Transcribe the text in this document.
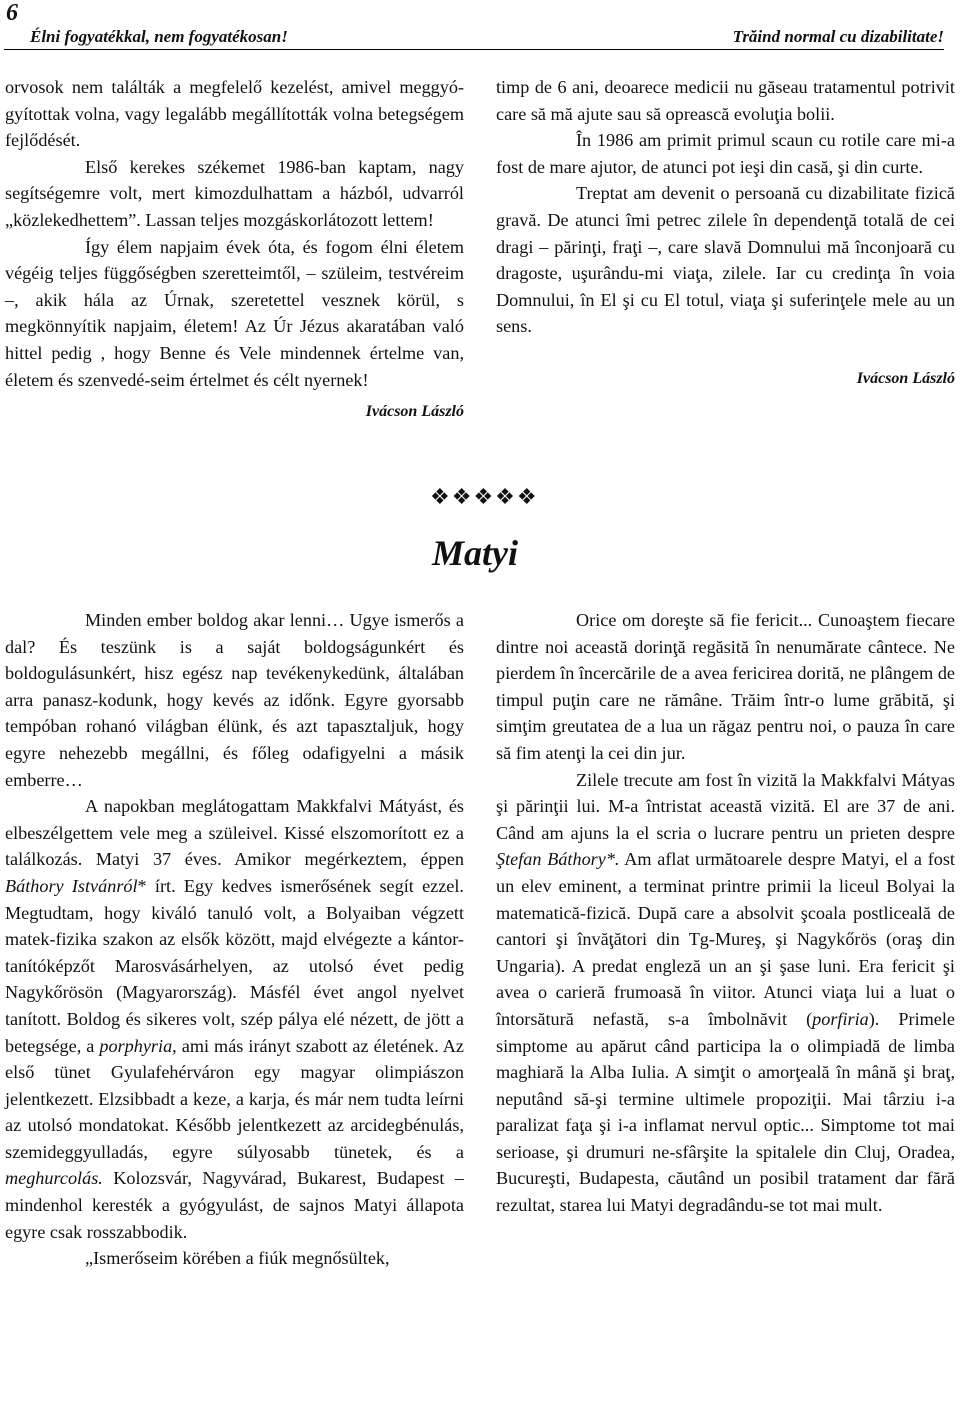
6
Élni fogyatékkal, nem fogyatékosan!	Trăind normal cu dizabilitate!

orvosok nem találták a megfelelő kezelést, amivel meggyó-gyítottak volna, vagy legalább megállították volna betegségem fejlődését.

Első kerekes székemet 1986-ban kaptam, nagy segítségemre volt, mert kimozdulhattam a házból, udvarról „közlekedhettem”. Lassan teljes mozgáskorlátozott lettem!

Így élem napjaim évek óta, és fogom élni életem végéig teljes függőségben szeretteimtől, – szüleim, testvéreim –, akik hála az Úrnak, szeretettel vesznek körül, s megkönnyítik napjaim, életem! Az Úr Jézus akaratában való hittel pedig , hogy Benne és Vele mindennek értelme van, életem és szenvedé-seim értelmet és célt nyernek!

Ivácson László

timp de 6 ani, deoarece medicii nu găseau tratamentul potrivit care să mă ajute sau să oprească evoluţia bolii.

În 1986 am primit primul scaun cu rotile care mi-a fost de mare ajutor, de atunci pot ieşi din casă, şi din curte.

Treptat am devenit o persoană cu dizabilitate fizică gravă. De atunci îmi petrec zilele în dependenţă totală de cei dragi – părinţi, fraţi –, care slavă Domnului mă înconjoară cu dragoste, uşurându-mi viaţa, zilele. Iar cu credinţa în voia Domnului, în El şi cu El totul, viaţa şi suferinţele mele au un sens.

Ivácson László
❖❖❖❖❖
Matyi

Minden ember boldog akar lenni… Ugye ismerős a dal? És teszünk is a saját boldogságunkért és boldogulásunkért, hisz egész nap tevékenykedünk, általában arra panasz-kodunk, hogy kevés az időnk. Egyre gyorsabb tempóban rohanó világban élünk, és azt tapasztaljuk, hogy egyre nehezebb megállni, és főleg odafigyelni a másik emberre…

A napokban meglátogattam Makkfalvi Mátyást, és elbeszélgettem vele meg a szüleivel. Kissé elszomorított ez a találkozás. Matyi 37 éves. Amikor megérkeztem, éppen Báthory Istvánról* írt. Egy kedves ismerősének segít ezzel. Megtudtam, hogy kiváló tanuló volt, a Bolyaiban végzett matek-fizika szakon az elsők között, majd elvégezte a kántor-tanítóképzőt Marosvásárhelyen, az utolsó évet pedig Nagykőrösön (Magyarország). Másfél évet angol nyelvet tanított. Boldog és sikeres volt, szép pálya elé nézett, de jött a betegsége, a porphyria, ami más irányt szabott az életének. Az első tünet Gyulafehérváron egy magyar olimpiászon jelentkezett. Elzsibbadt a keze, a karja, és már nem tudta leírni az utolsó mondatokat. Később jelentkezett az arcidegbénulás, szemideggyulladás, egyre súlyosabb tünetek, és a meghurcolás. Kolozsvár, Nagyvárad, Bukarest, Budapest – mindenhol keresték a gyógyulást, de sajnos Matyi állapota egyre csak rosszabbodik.

„Ismerőseim körében a fiúk megnősültek,

Orice om doreşte să fie fericit... Cunoaştem fiecare dintre noi această dorinţă regăsită în nenumărate cântece. Ne pierdem în încercările de a avea fericirea dorită, ne plângem de timpul puţin care ne rămâne. Trăim într-o lume grăbită, şi simţim greutatea de a lua un răgaz pentru noi, o pauza în care să fim atenţi la cei din jur.

Zilele trecute am fost în vizită la Makkfalvi Mátyas şi părinţii lui. M-a întristat această vizită. El are 37 de ani. Când am ajuns la el scria o lucrare pentru un prieten despre Ştefan Báthory*. Am aflat următoarele despre Matyi, el a fost un elev eminent, a terminat printre primii la liceul Bolyai la matematică-fizică. După care a absolvit şcoala postliceală de cantori şi învăţători din Tg-Mureş, şi Nagykőrös (oraş din Ungaria). A predat engleză un an şi şase luni. Era fericit şi avea o carieră frumoasă în viitor. Atunci viaţa lui a luat o întorsătură nefastă, s-a îmbolnăvit (porfiria). Primele simptome au apărut când participa la o olimpiadă de limba maghiară la Alba Iulia. A simţit o amorţeală în mână şi braţ, neputând să-şi termine ultimele propoziţii. Mai târziu i-a paralizat faţa şi i-a inflamat nervul optic... Simptome tot mai serioase, şi drumuri ne-sfârşite la spitalele din Cluj, Oradea, Bucureşti, Budapesta, căutând un posibil tratament dar fără rezultat, starea lui Matyi degradându-se tot mai mult.
